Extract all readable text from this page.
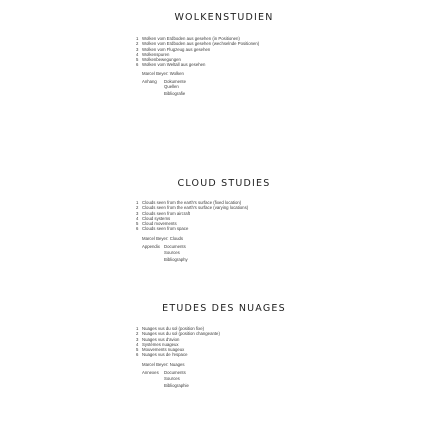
WOLKENSTUDIEN
1 Wolken vom Erdboden aus gesehen (in Positionen)
2 Wolken vom Erdboden aus gesehen (wechselnde Positionen)
3 Wolken vom Flugzeug aus gesehen
4 Wolkenspuren
5 Wolkenbewegungen
6 Wolken vom Weltall aus gesehen
Marcel Beyer: Wolken
Anhang Dokumente
Quellen
Bibliografie
CLOUD STUDIES
1 Clouds seen from the earth's surface (fixed location)
2 Clouds seen from the earth's surface (varying locations)
3 Clouds seen from aircraft
4 Cloud systems
5 Cloud movements
6 Clouds seen from space
Marcel Beyer: Clouds
Appendix Documents
Sources
Bibliography
ETUDES DES NUAGES
1 Nuages vus du sol (position fixe)
2 Nuages vus du sol (position changeante)
3 Nuages vus d'avion
4 Systèmes nuageux
5 Mouvements nuageux
6 Nuages vus de l'espace
Marcel Beyer: Nuages
Annexes Documents
Sources
Bibliographie
